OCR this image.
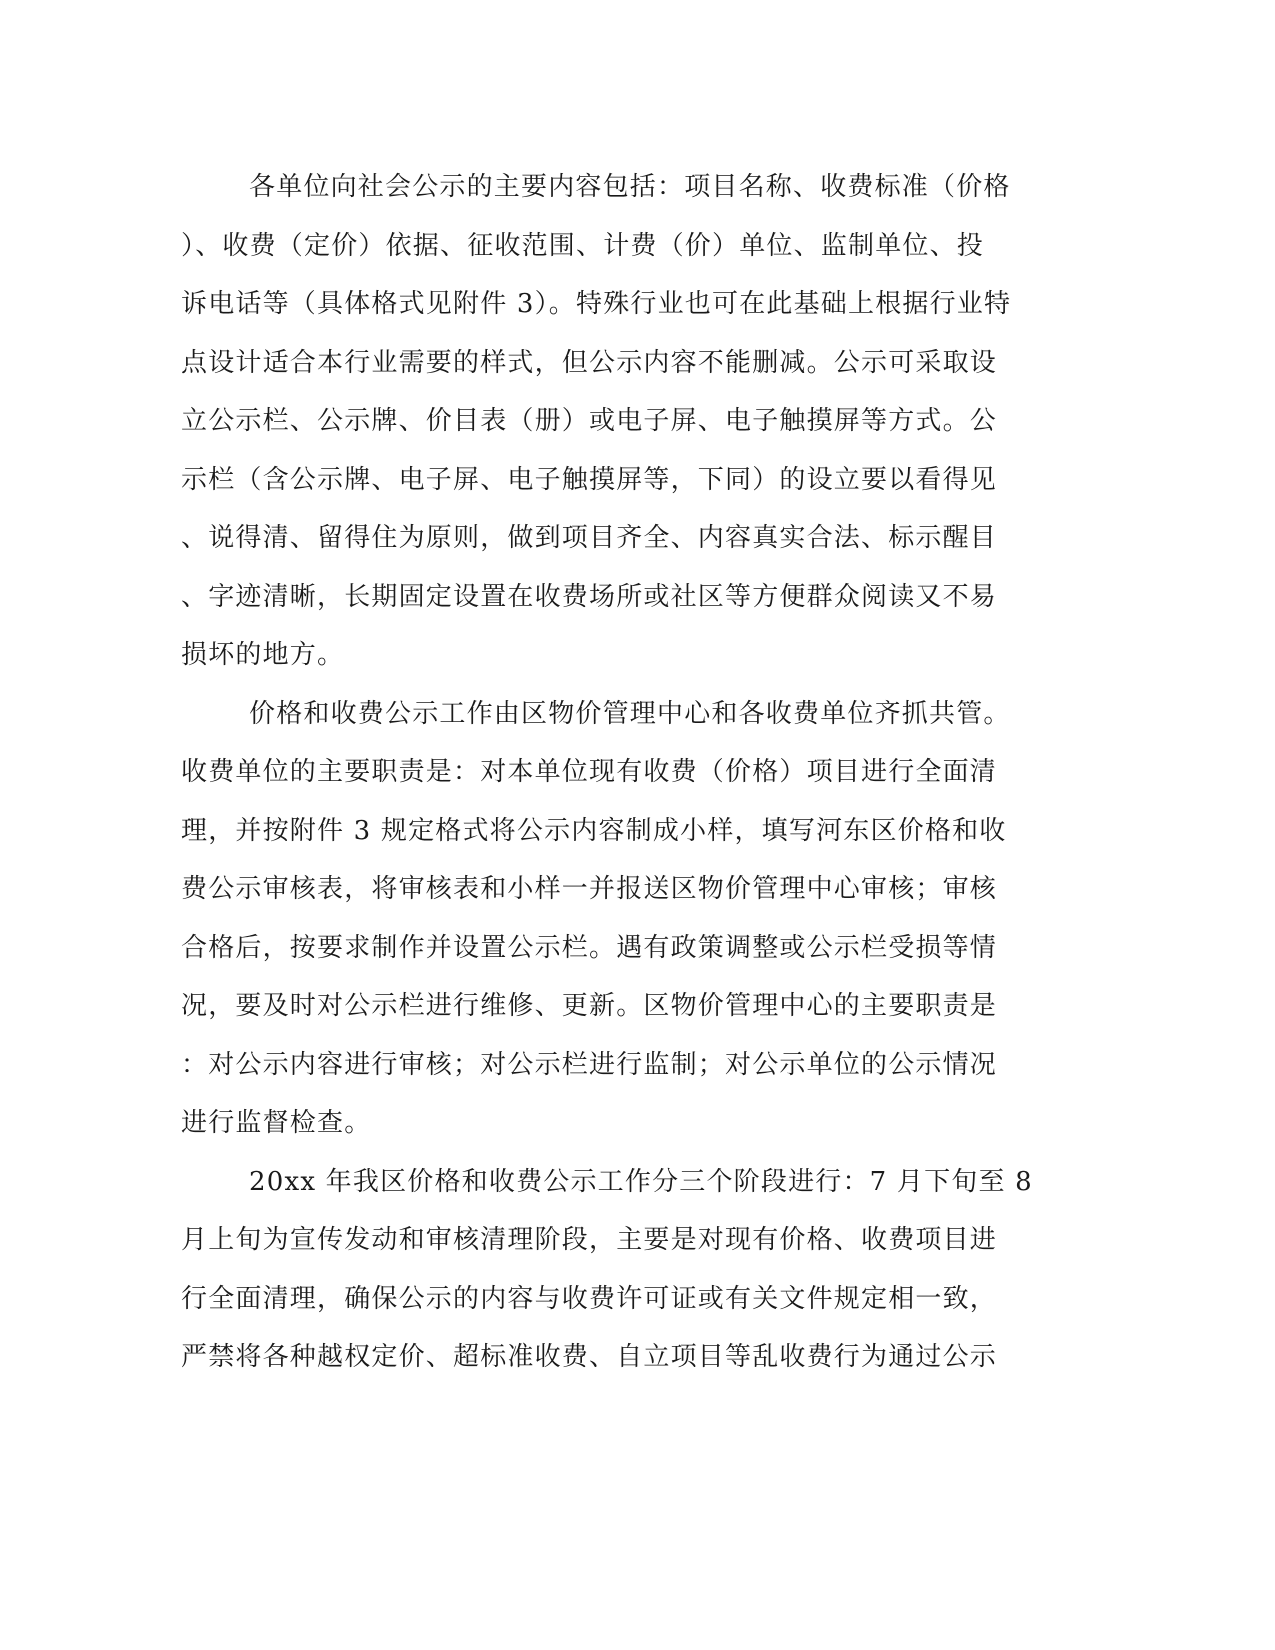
各单位向社会公示的主要内容包括：项目名称、收费标准（价格
）、收费（定价）依据、征收范围、计费（价）单位、监制单位、投
诉电话等（具体格式见附件 3）。特殊行业也可在此基础上根据行业特
点设计适合本行业需要的样式，但公示内容不能删减。公示可采取设
立公示栏、公示牌、价目表（册）或电子屏、电子触摸屏等方式。公
示栏（含公示牌、电子屏、电子触摸屏等，下同）的设立要以看得见
、说得清、留得住为原则，做到项目齐全、内容真实合法、标示醒目
、字迹清晰，长期固定设置在收费场所或社区等方便群众阅读又不易
损坏的地方。
价格和收费公示工作由区物价管理中心和各收费单位齐抓共管。
收费单位的主要职责是：对本单位现有收费（价格）项目进行全面清
理，并按附件 3 规定格式将公示内容制成小样，填写河东区价格和收
费公示审核表，将审核表和小样一并报送区物价管理中心审核；审核
合格后，按要求制作并设置公示栏。遇有政策调整或公示栏受损等情
况，要及时对公示栏进行维修、更新。区物价管理中心的主要职责是
：对公示内容进行审核；对公示栏进行监制；对公示单位的公示情况
进行监督检查。
20xx 年我区价格和收费公示工作分三个阶段进行：7 月下旬至 8
月上旬为宣传发动和审核清理阶段，主要是对现有价格、收费项目进
行全面清理，确保公示的内容与收费许可证或有关文件规定相一致，
严禁将各种越权定价、超标准收费、自立项目等乱收费行为通过公示
